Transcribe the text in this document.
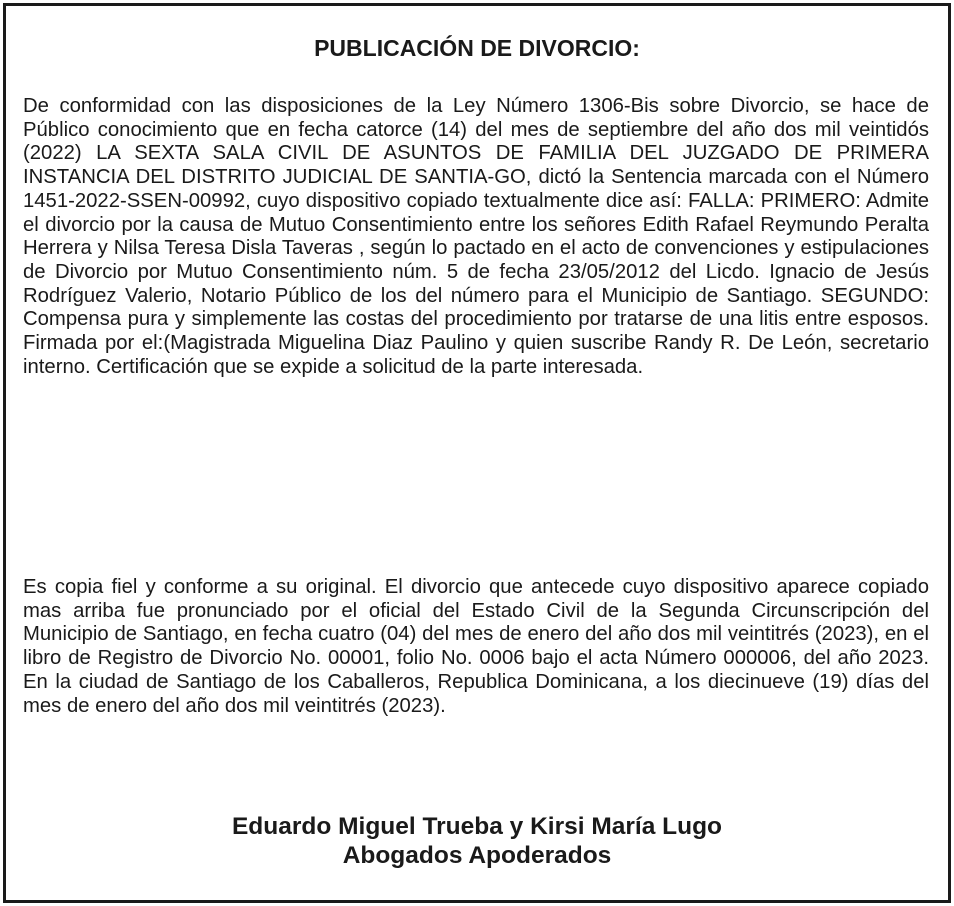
PUBLICACIÓN DE DIVORCIO:

De conformidad con las disposiciones de la Ley Número 1306-Bis sobre Divorcio, se hace de Público conocimiento que en fecha catorce (14) del mes de septiembre del año dos mil veintidós (2022) LA SEXTA SALA CIVIL DE ASUNTOS DE FAMILIA DEL JUZGADO DE PRIMERA INSTANCIA DEL DISTRITO JUDICIAL DE SANTIA-GO, dictó la Sentencia marcada con el Número 1451-2022-SSEN-00992, cuyo dispositivo copiado textualmente dice así: FALLA: PRIMERO: Admite el divorcio por la causa de Mutuo Consentimiento entre los señores Edith Rafael Reymundo Peralta Herrera y Nilsa Teresa Disla Taveras , según lo pactado en el acto de convenciones y estipulaciones de Divorcio por Mutuo Consentimiento núm. 5 de fecha 23/05/2012 del Licdo. Ignacio de Jesús Rodríguez Valerio, Notario Público de los del número para el Municipio de Santiago. SEGUNDO: Compensa pura y simplemente las costas del procedimiento por tratarse de una litis entre esposos. Firmada por el:(Magistrada Miguelina Diaz Paulino y quien suscribe Randy R. De León, secretario interno. Certificación que se expide a solicitud de la parte interesada.

Es copia fiel y conforme a su original. El divorcio que antecede cuyo dispositivo aparece copiado mas arriba fue pronunciado por el oficial del Estado Civil de la Segunda Circunscripción del Municipio de Santiago, en fecha cuatro (04) del mes de enero del año dos mil veintitrés (2023), en el libro de Registro de Divorcio No. 00001, folio No. 0006 bajo el acta Número 000006, del año 2023. En la ciudad de Santiago de los Caballeros, Republica Dominicana, a los diecinueve (19) días del mes de enero del año dos mil veintitrés (2023).

Eduardo Miguel Trueba y Kirsi María Lugo
Abogados Apoderados
